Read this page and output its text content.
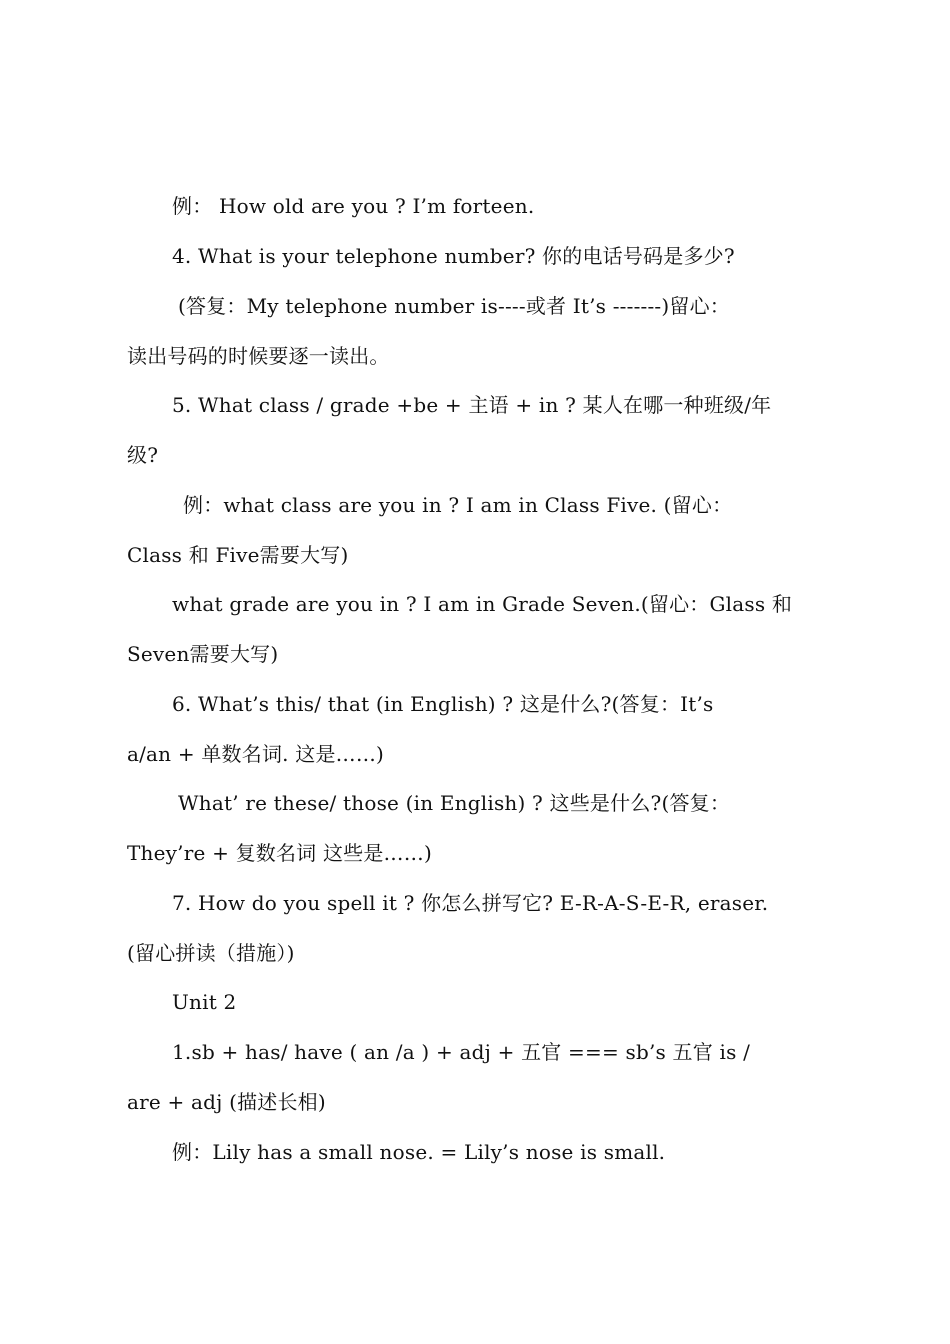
例： How old are you ? I’m forteen.
4. What is your telephone number? 你的电话号码是多少?
(答复：My telephone number is----或者 It’s -------)留心：
读出号码的时候要逐一读出。
5. What class / grade +be + 主语 + in ? 某人在哪一种班级/年
级?
例：what class are you in ? I am in Class Five. (留心：
Class 和 Five需要大写)
what grade are you in ? I am in Grade Seven.(留心：Glass 和
Seven需要大写)
6. What’s this/ that (in English) ? 这是什么?(答复：It’s
a/an + 单数名词. 这是……)
What’ re these/ those (in English) ? 这些是什么?(答复：
They’re + 复数名词 这些是……)
7. How do you spell it ? 你怎么拼写它? E-R-A-S-E-R, eraser.
(留心拼读（措施）)
Unit 2
1.sb + has/ have ( an /a ) + adj + 五官 === sb’s 五官 is /
are + adj (描述长相)
例：Lily has a small nose. = Lily’s nose is small.
